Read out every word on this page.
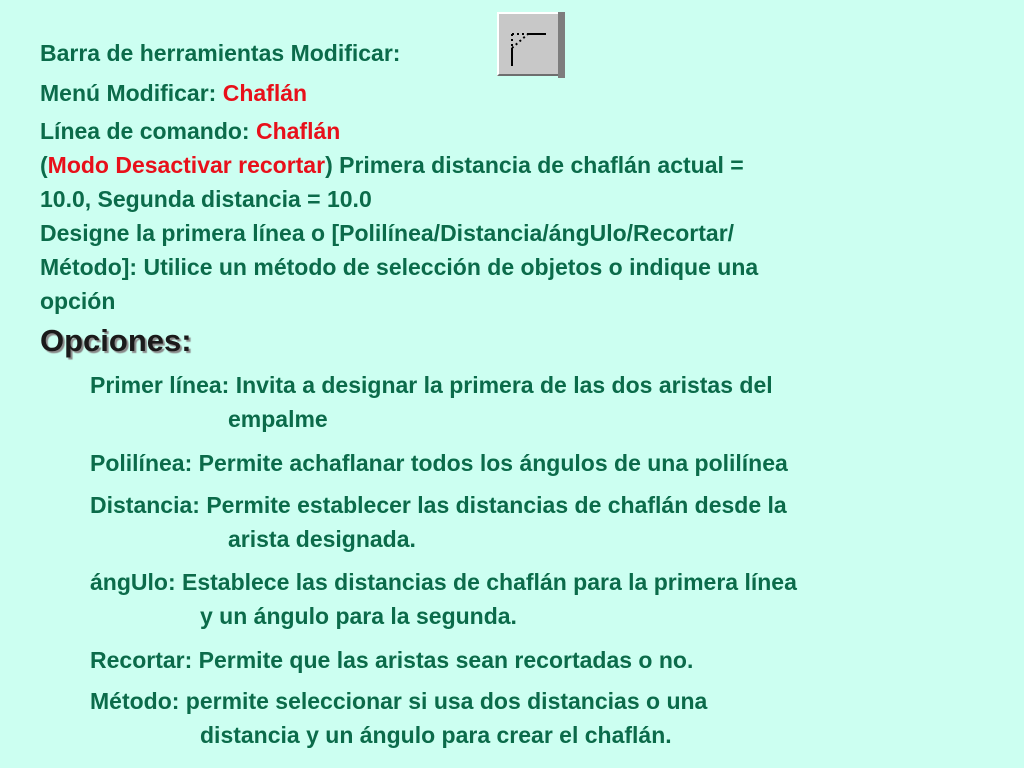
Barra de herramientas Modificar:

Menú Modificar: Chaflán

Línea de comando: Chaflán

(Modo Desactivar recortar) Primera distancia de chaflán actual =

10.0, Segunda distancia = 10.0

Designe la primera línea o [Polilínea/Distancia/ángUlo/Recortar/

Método]: Utilice un método de selección de objetos o indique una

opción

Opciones:

Primer línea: Invita a designar la primera de las dos aristas del
empalme

Polilínea: Permite achaflanar todos los ángulos de una polilínea

Distancia: Permite establecer las distancias de chaflán desde la
arista designada.

ángUlo: Establece las distancias de chaflán para la primera línea
y un ángulo para la segunda.

Recortar: Permite que las aristas sean recortadas o no.

Método: permite seleccionar si usa dos distancias o una
distancia y un ángulo para crear el chaflán.
